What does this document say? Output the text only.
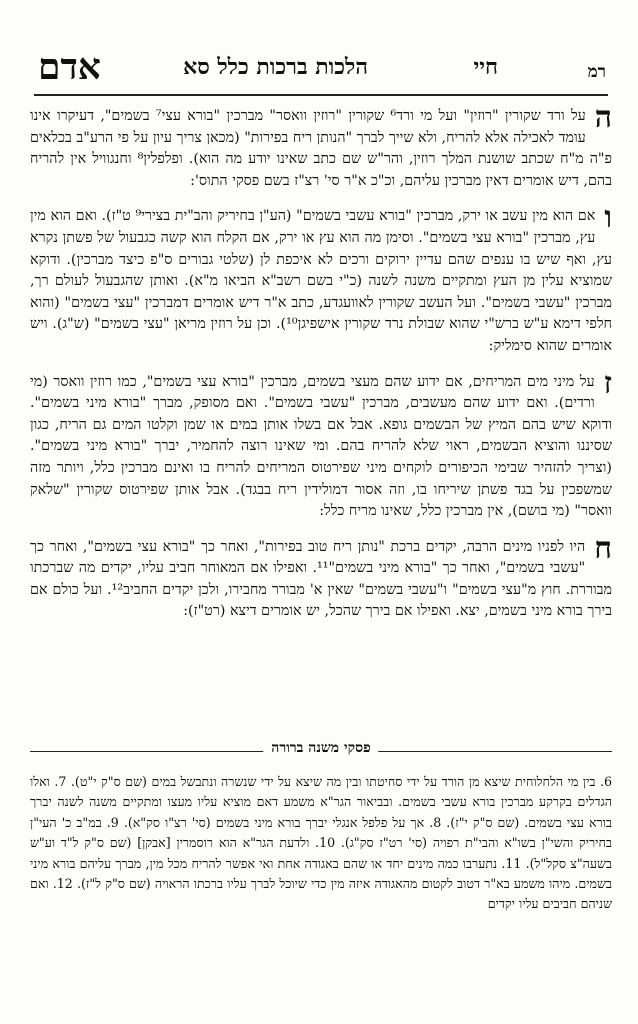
רמ
חיי
הלכות ברכות כלל סא
אדם
ה
על ורד שקורין "רוזין" ועל מי ורד⁶ שקורין "רוזין וואסר" מברכין "בורא עצי⁷ בשמים", דעיקרו אינו עומד לאכילה אלא להריח, ולא שייך לברך "הנותן ריח בפירות" (מכאן צריך עיון על פי הרע"ב בכלאים פ"ה מ"ח שכתב שושנת המלך רוזין, והר"ש שם כתב שאינו יודע מה הוא). ופלפלין⁸ וחנגוויל אין להריח בהם, דיש אומרים דאין מברכין עליהם, וכ"כ א"ר סי' רצ"ז בשם פסקי התוס':
ו
אם הוא מין עשב או ירק, מברכין "בורא עשבי בשמים" (הע"ן בחיריק והב"ית בצירי⁹ ט"ז). ואם הוא מין עץ, מברכין "בורא עצי בשמים". וסימן מה הוא עץ או ירק, אם הקלח הוא קשה כגבעול של פשתן נקרא עץ, ואף שיש בו ענפים שהם עדיין ירוקים ורכים לא איכפת לן (שלטי גבורים ס"פ כיצד מברכין). ודוקא שמוציא עלין מן העץ ומתקיים משנה לשנה (כ"י בשם רשב"א הביאו מ"א). ואותן שהגבעול לעולם רך, מברכין "עשבי בשמים". ועל העשב שקורין לאוועגדע, כתב א"ר דיש אומרים דמברכין "עצי בשמים" (והוא חלפי דימא ע"ש ברש"י שהוא שבולת נרד שקורין אישפיגן¹⁰). וכן על רוזין מריאן "עצי בשמים" (ש"ג). ויש אומרים שהוא סימליק:
ז
על מיני מים המריחים, אם ידוע שהם מעצי בשמים, מברכין "בורא עצי בשמים", כמו רוזין וואסר (מי ורדים). ואם ידוע שהם מעשבים, מברכין "עשבי בשמים". ואם מסופק, מברך "בורא מיני בשמים". ודוקא שיש בהם המיץ של הבשמים גופא. אבל אם בשלו אותן במים או שמן וקלטו המים גם הריח, כגון שסיננו והוציא הבשמים, ראוי שלא להריח בהם. ומי שאינו רוצה להחמיר, יברך "בורא מיני בשמים". (וצריך להזהיר שבימי הכיפורים לוקחים מיני שפירטוס המריחים להריח בו ואינם מברכין כלל, ויותר מזה שמשפכין על בגד פשתן שיריחו בו, וזה אסור דמולידין ריח בבגד). אבל אותן שפירטוס שקורין "שלאק וואסר" (מי בושם), אין מברכין כלל, שאינו מריח כלל:
ח
היו לפניו מינים הרבה, יקדים ברכת "נותן ריח טוב בפירות", ואחר כך "בורא עצי בשמים", ואחר כך "עשבי בשמים", ואחר כך "בורא מיני בשמים"¹¹. ואפילו אם המאוחר חביב עליו, יקדים מה שברכתו מבוררת. חוץ מ"עצי בשמים" ו"עשבי בשמים" שאין א' מבורר מחבירו, ולכן יקדים החביב¹². ועל כולם אם בירך בורא מיני בשמים, יצא. ואפילו אם בירך שהכל, יש אומרים דיצא (רט"ז):
פסקי משנה ברורה
6. בין מי הלחלוחית שיצא מן הורד על ידי סחיטתו ובין מה שיצא על ידי שנשרה ונתבשל במים (שם ס"ק י"ט). 7. ואלו הגדלים בקרקע מברכין בורא עשבי בשמים. ובביאור הגר"א משמע דאם מוציא עליו מעצו ומתקיים משנה לשנה יברך בורא עצי בשמים. (שם ס"ק י"ז). 8. אך על פלפל אנגלי יברך בורא מיני בשמים (סי' רצ"ו סק"א). 9. במ"ב כ' העי"ן בחיריק והשי"ן בשו"א והבי"ת רפויה (סי' רט"ז סק"ג). 10. ולדעת הגר"א הוא רוסמרין [אבקן] (שם ס"ק ל"ד וע"ש בשעה"צ סקל"ל). 11. נתערבו כמה מינים יחד או שהם באגודה אחת ואי אפשר להריח מכל מין, מברך עליהם בורא מיני בשמים. מיהו משמע בא"ר דטוב לקטום מהאגודה איזה מין כדי שיוכל לברך עליו ברכתו הראויה (שם ס"ק ל"ז). 12. ואם שניהם חביבים עליו יקדים
